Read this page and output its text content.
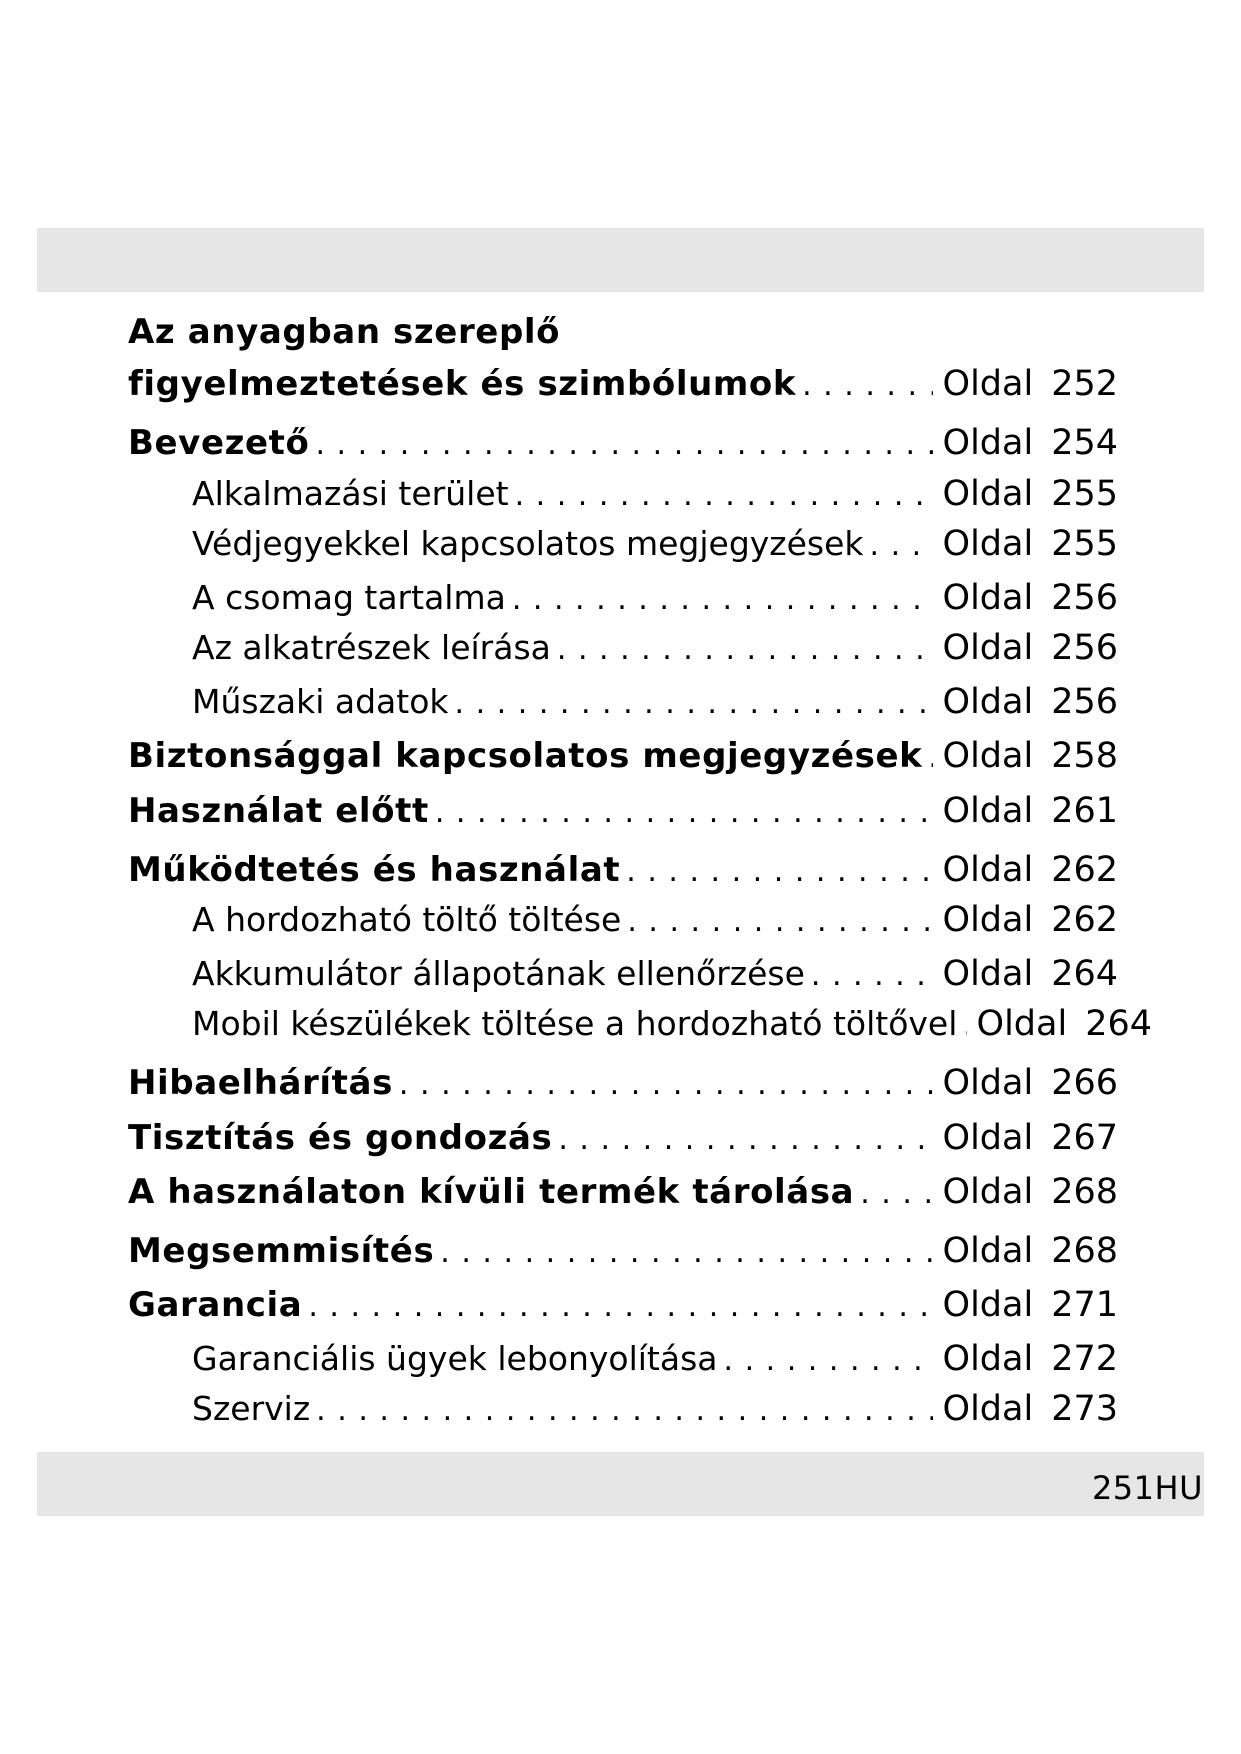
Az anyagban szereplő
figyelmeztetések és szimbólumok . . .	Oldal 252
Bevezető . . .	Oldal 254
Alkalmazási terület . . .	Oldal 255
Védjegyekkel kapcsolatos megjegyzések . . . Oldal 255
A csomag tartalma . . .	Oldal 256
Az alkatrészek leírása . . .	Oldal 256
Műszaki adatok . . .	Oldal 256
Biztonsággal kapcsolatos megjegyzések . . . Oldal 258
Használat előtt . . .	Oldal 261
Működtetés és használat . . .	Oldal 262
A hordozható töltő töltése . . .	Oldal 262
Akkumulátor állapotának ellenőrzése . . .	Oldal 264
Mobil készülékek töltése a hordozható töltővel . . . Oldal 264
Hibaelhárítás . . .	Oldal 266
Tisztítás és gondozás . . .	Oldal 267
A használaton kívüli termék tárolása . . .	Oldal 268
Megsemmisítés . . .	Oldal 268
Garancia . . .	Oldal 271
Garanciális ügyek lebonyolítása . . .	Oldal 272
Szerviz . . .	Oldal 273
251HU
